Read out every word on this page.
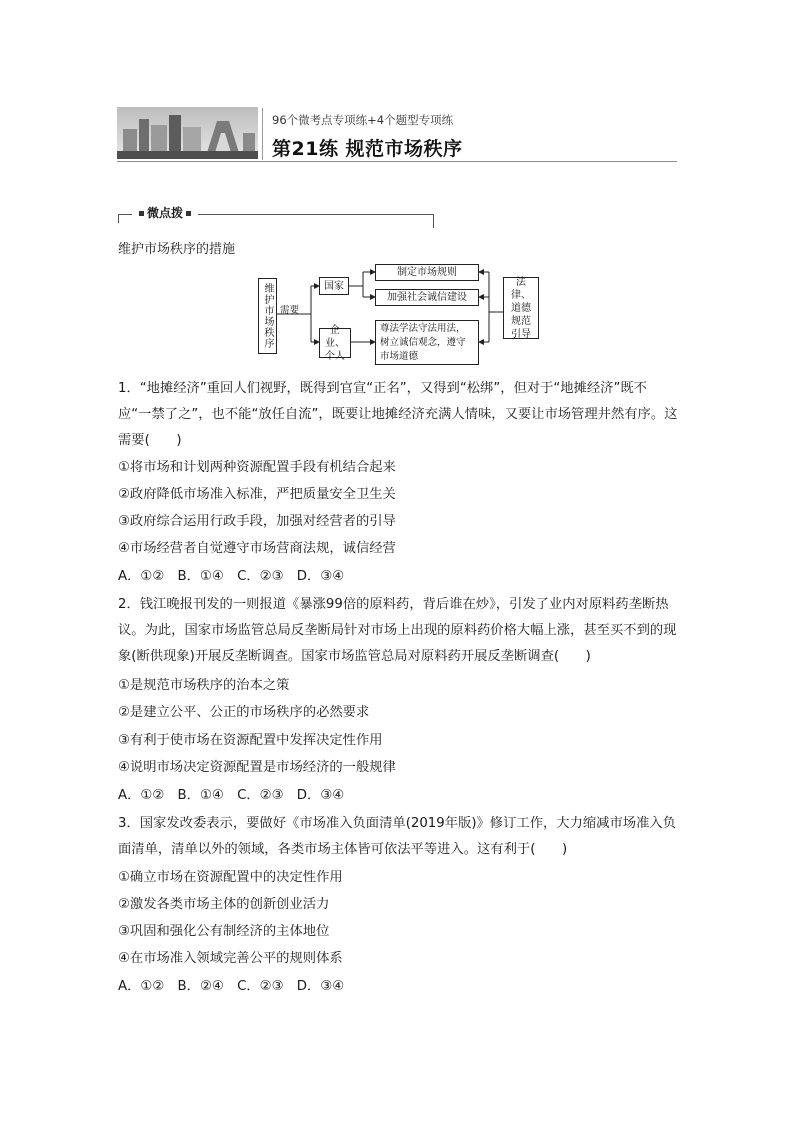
96个微考点专项练+4个题型专项练
第21练 规范市场秩序
微点拨
维护市场秩序的措施
维护市场秩序 需要
国家
企业、个人
制定市场规则
加强社会诚信建设
尊法学法守法用法，树立诚信观念，遵守市场道德
法律、道德规范引导
1．“地摊经济”重回人们视野，既得到官宣“正名”，又得到“松绑”，但对于“地摊经济”既不应“一禁了之”，也不能“放任自流”，既要让地摊经济充满人情味，又要让市场管理井然有序。这需要(　　)
①将市场和计划两种资源配置手段有机结合起来
②政府降低市场准入标准，严把质量安全卫生关
③政府综合运用行政手段，加强对经营者的引导
④市场经营者自觉遵守市场营商法规，诚信经营
A．①②　B．①④　C．②③　D．③④
2．钱江晚报刊发的一则报道《暴涨99倍的原料药，背后谁在炒》，引发了业内对原料药垄断热议。为此，国家市场监管总局反垄断局针对市场上出现的原料药价格大幅上涨，甚至买不到的现象(断供现象)开展反垄断调查。国家市场监管总局对原料药开展反垄断调查(　　)
①是规范市场秩序的治本之策
②是建立公平、公正的市场秩序的必然要求
③有利于使市场在资源配置中发挥决定性作用
④说明市场决定资源配置是市场经济的一般规律
A．①②　B．①④　C．②③　D．③④
3．国家发改委表示，要做好《市场准入负面清单(2019年版)》修订工作，大力缩减市场准入负面清单，清单以外的领域，各类市场主体皆可依法平等进入。这有利于(　　)
①确立市场在资源配置中的决定性作用
②激发各类市场主体的创新创业活力
③巩固和强化公有制经济的主体地位
④在市场准入领域完善公平的规则体系
A．①②　B．②④　C．②③　D．③④
